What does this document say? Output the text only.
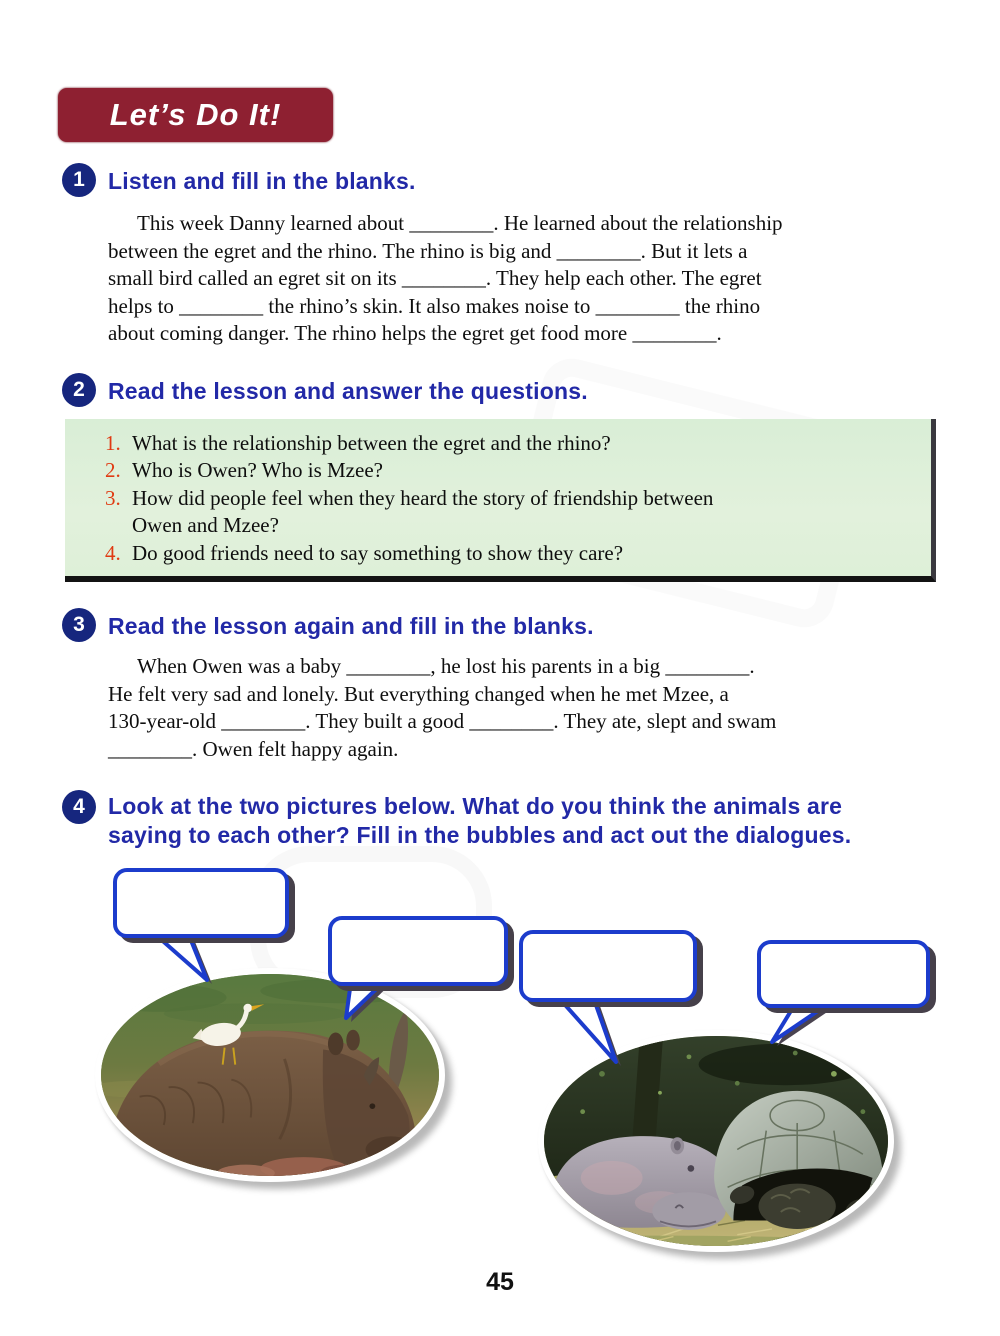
Let’s Do It!
1	Listen and fill in the blanks.
This week Danny learned about ________. He learned about the relationship
between the egret and the rhino. The rhino is big and ________. But it lets a
small bird called an egret sit on its ________. They help each other. The egret
helps to ________ the rhino’s skin. It also makes noise to ________ the rhino
about coming danger. The rhino helps the egret get food more ________.
2	Read the lesson and answer the questions.
1. What is the relationship between the egret and the rhino?
2. Who is Owen? Who is Mzee?
3. How did people feel when they heard the story of friendship between
Owen and Mzee?
4. Do good friends need to say something to show they care?
3	Read the lesson again and fill in the blanks.
When Owen was a baby ________, he lost his parents in a big ________.
He felt very sad and lonely. But everything changed when he met Mzee, a
130-year-old ________. They built a good ________. They ate, slept and swam
________. Owen felt happy again.
4	Look at the two pictures below. What do you think the animals are
saying to each other? Fill in the bubbles and act out the dialogues.
45
